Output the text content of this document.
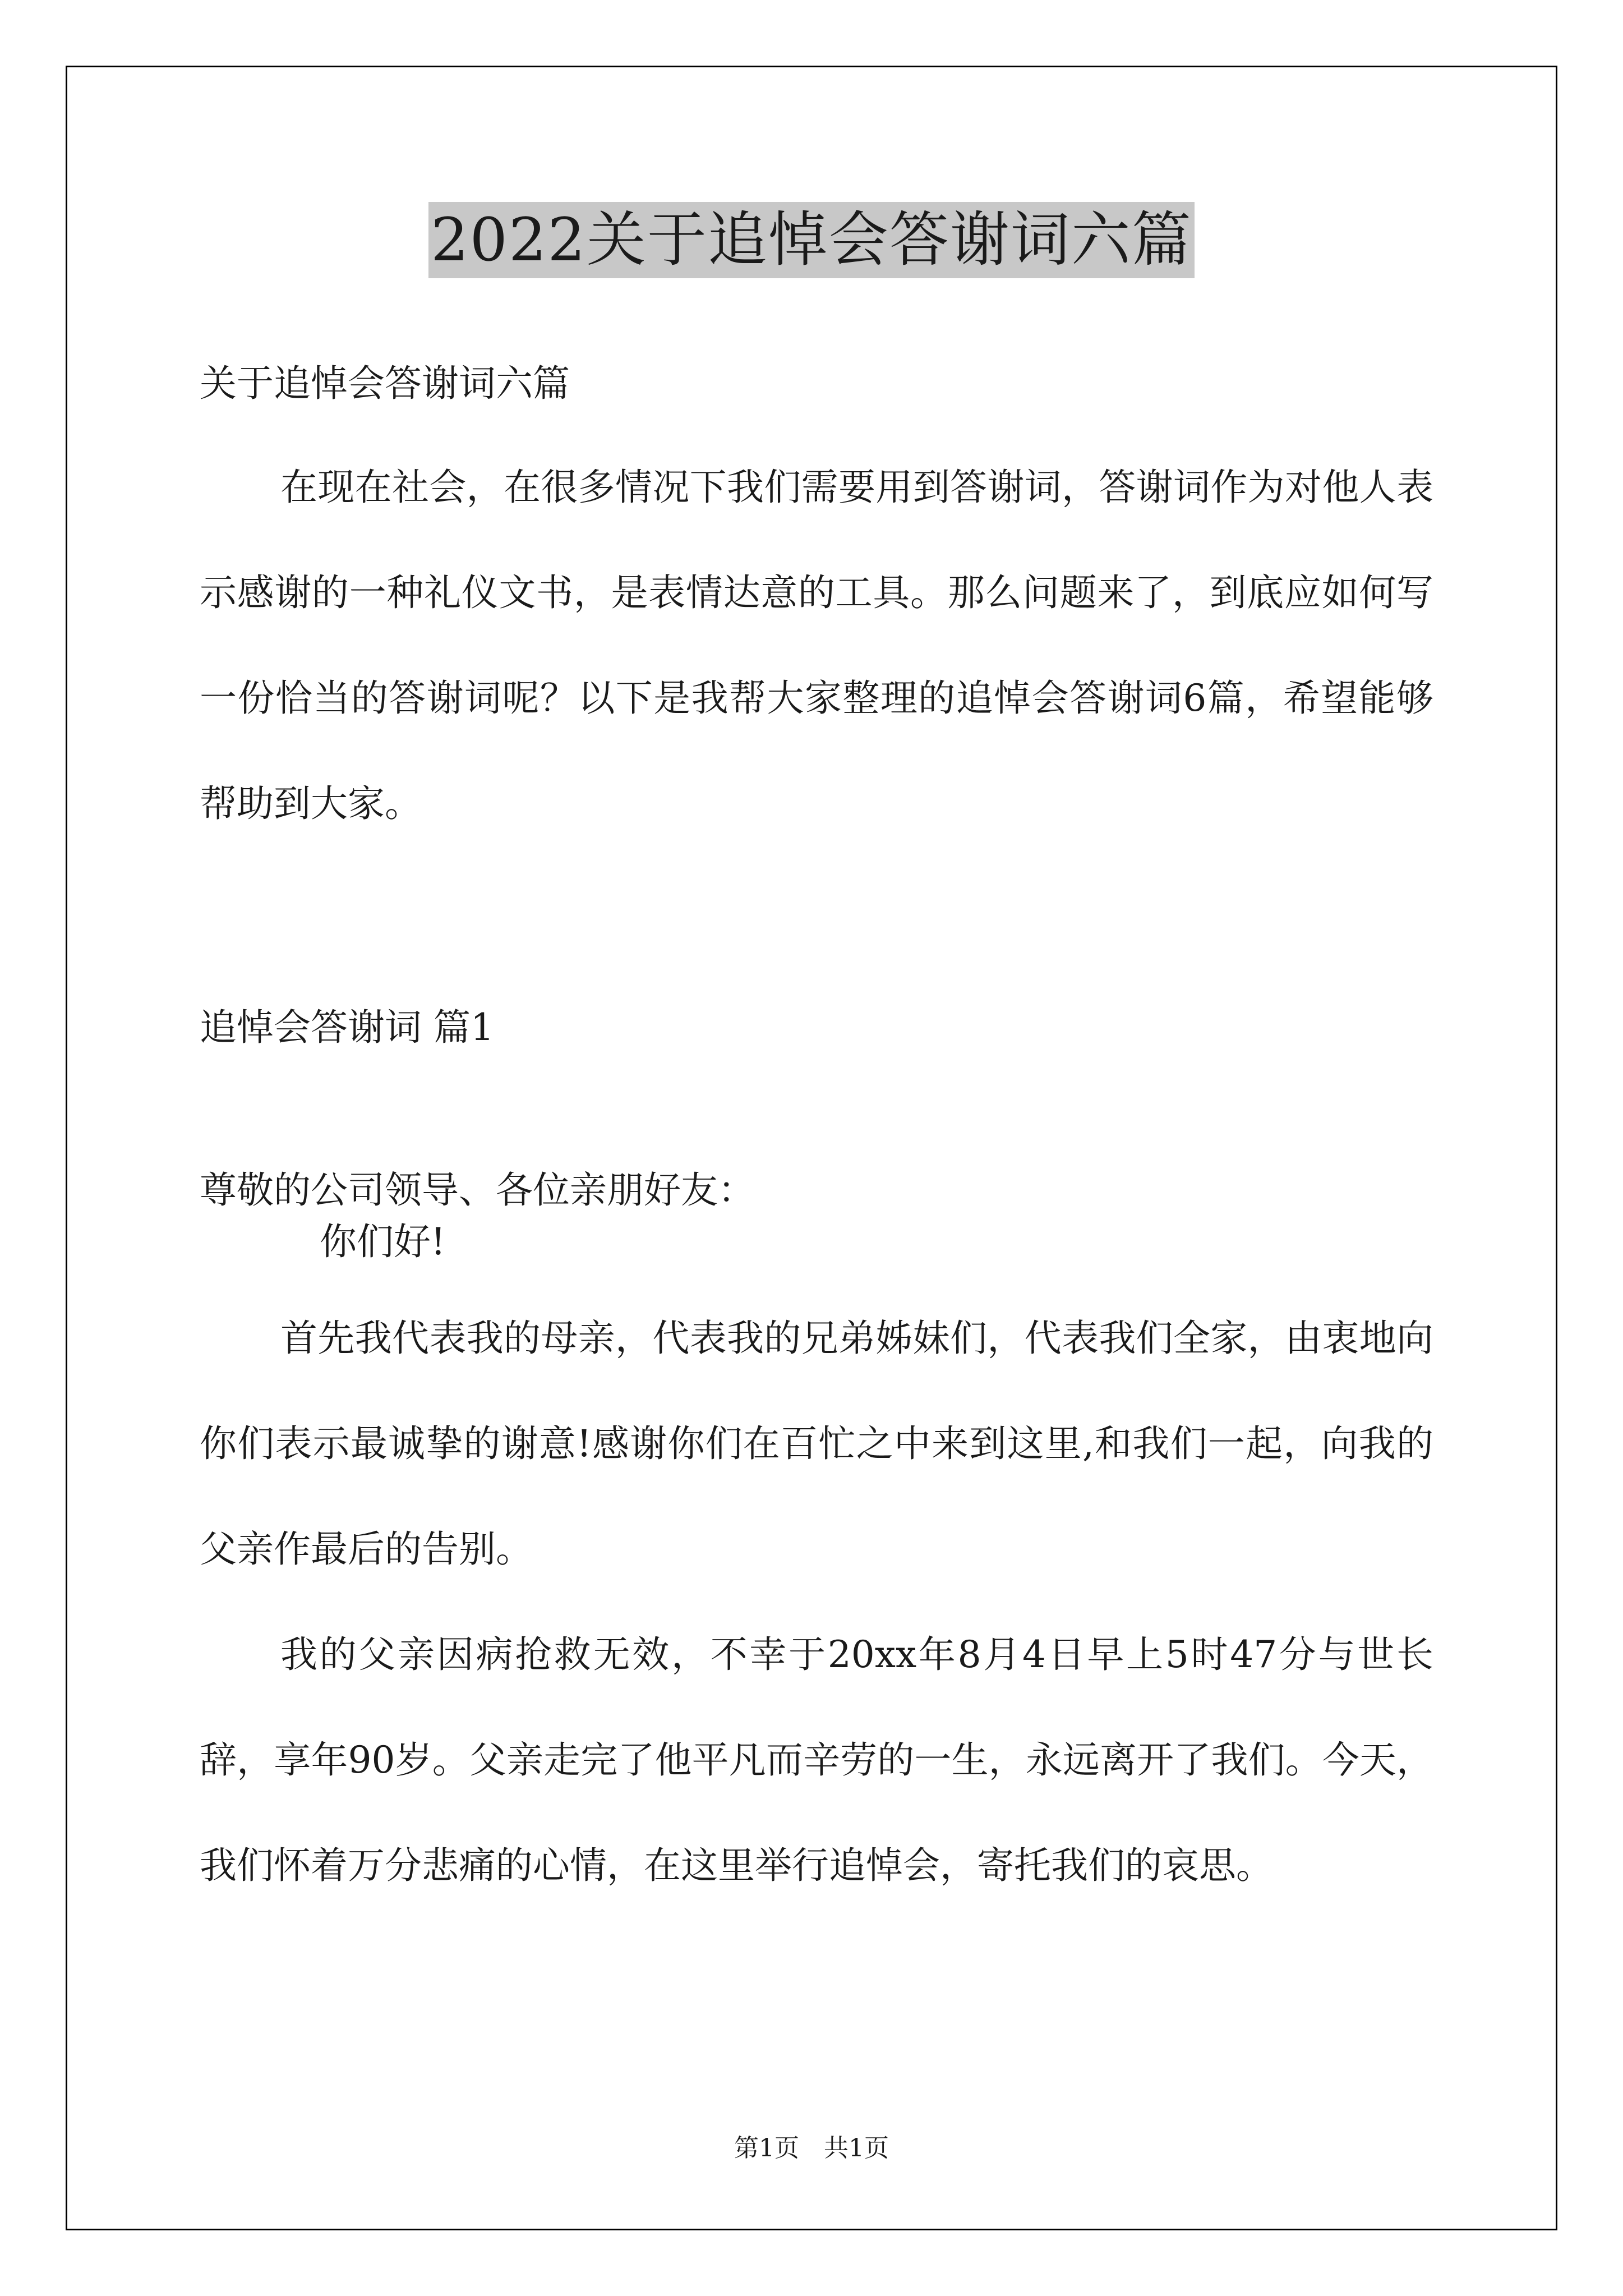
2022关于追悼会答谢词六篇

关于追悼会答谢词六篇

在现在社会，在很多情况下我们需要用到答谢词，答谢词作为对他人表示感谢的一种礼仪文书，是表情达意的工具。那么问题来了，到底应如何写一份恰当的答谢词呢？以下是我帮大家整理的追悼会答谢词6篇，希望能够帮助到大家。

追悼会答谢词 篇1

尊敬的公司领导、各位亲朋好友：

你们好!

首先我代表我的母亲，代表我的兄弟姊妹们，代表我们全家，由衷地向你们表示最诚挚的谢意!感谢你们在百忙之中来到这里,和我们一起，向我的父亲作最后的告别。

我的父亲因病抢救无效，不幸于20xx年8月4日早上5时47分与世长辞，享年90岁。父亲走完了他平凡而辛劳的一生，永远离开了我们。今天，我们怀着万分悲痛的心情，在这里举行追悼会，寄托我们的哀思。

第1页　共1页
